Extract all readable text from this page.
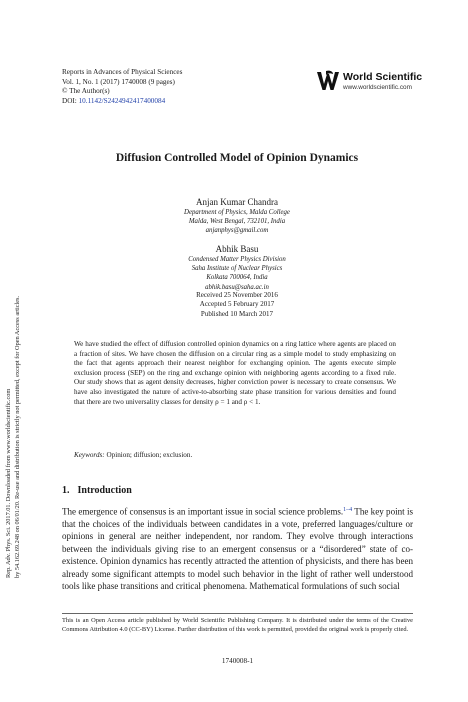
Rep. Adv. Phys. Sci. 2017.01. Downloaded from www.worldscientific.com by 54.162.69.248 on 06/01/20. Re-use and distribution is strictly not permitted, except for Open Access articles.
Reports in Advances of Physical Sciences
Vol. 1, No. 1 (2017) 1740008 (9 pages)
© The Author(s)
DOI: 10.1142/S2424942417400084
World Scientific
www.worldscientific.com
Diffusion Controlled Model of Opinion Dynamics
Anjan Kumar Chandra
Department of Physics, Malda College
Malda, West Bengal, 732101, India
anjanphys@gmail.com
Abhik Basu
Condensed Matter Physics Division
Saha Institute of Nuclear Physics
Kolkata 700064, India
abhik.basu@saha.ac.in
Received 25 November 2016
Accepted 5 February 2017
Published 10 March 2017

We have studied the effect of diffusion controlled opinion dynamics on a ring lattice where agents are placed on a fraction of sites. We have chosen the diffusion on a circular ring as a simple model to study emphasizing on the fact that agents approach their nearest neighbor for exchanging opinion. The agents execute simple exclusion process (SEP) on the ring and exchange opinion with neighboring agents according to a fixed rule. Our study shows that as agent density decreases, higher conviction power is necessary to create consensus. We have also investigated the nature of active-to-absorbing state phase transition for various densities and found that there are two universality classes for density ρ = 1 and ρ < 1.

Keywords: Opinion; diffusion; exclusion.
1. Introduction

The emergence of consensus is an important issue in social science problems.$^{1-4}$ The key point is that the choices of the individuals between candidates in a vote, preferred languages/culture or opinions in general are neither independent, nor random. They evolve through interactions between the individuals giving rise to an emergent consensus or a “disordered” state of co-existence. Opinion dynamics has recently attracted the attention of physicists, and there has been already some significant attempts to model such behavior in the light of rather well understood tools like phase transitions and critical phenomena. Mathematical formulations of such social

This is an Open Access article published by World Scientific Publishing Company. It is distributed under the terms of the Creative Commons Attribution 4.0 (CC-BY) License. Further distribution of this work is permitted, provided the original work is properly cited.

1740008-1
